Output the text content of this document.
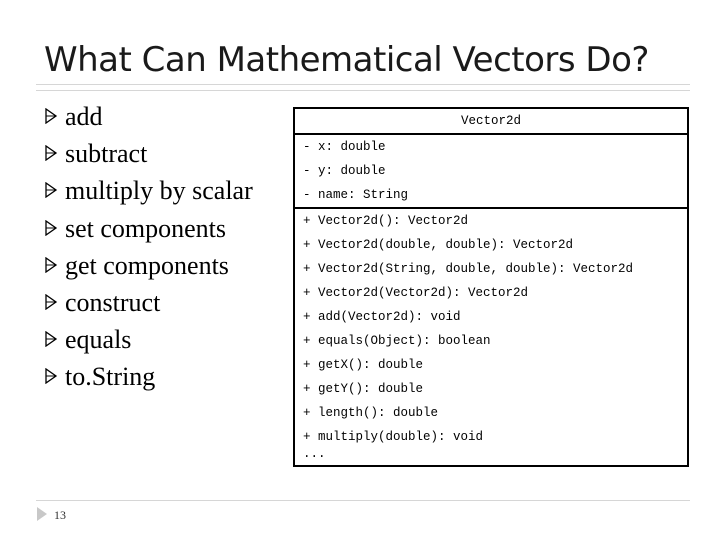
What Can Mathematical Vectors Do?
add
subtract
multiply by scalar
set components
get components
construct
equals
to.String
Vector2d
- x: double
- y: double
- name: String
+ Vector2d(): Vector2d
+ Vector2d(double, double): Vector2d
+ Vector2d(String, double, double): Vector2d
+ Vector2d(Vector2d): Vector2d
+ add(Vector2d): void
+ equals(Object): boolean
+ getX(): double
+ getY(): double
+ length(): double
+ multiply(double): void
...
13
